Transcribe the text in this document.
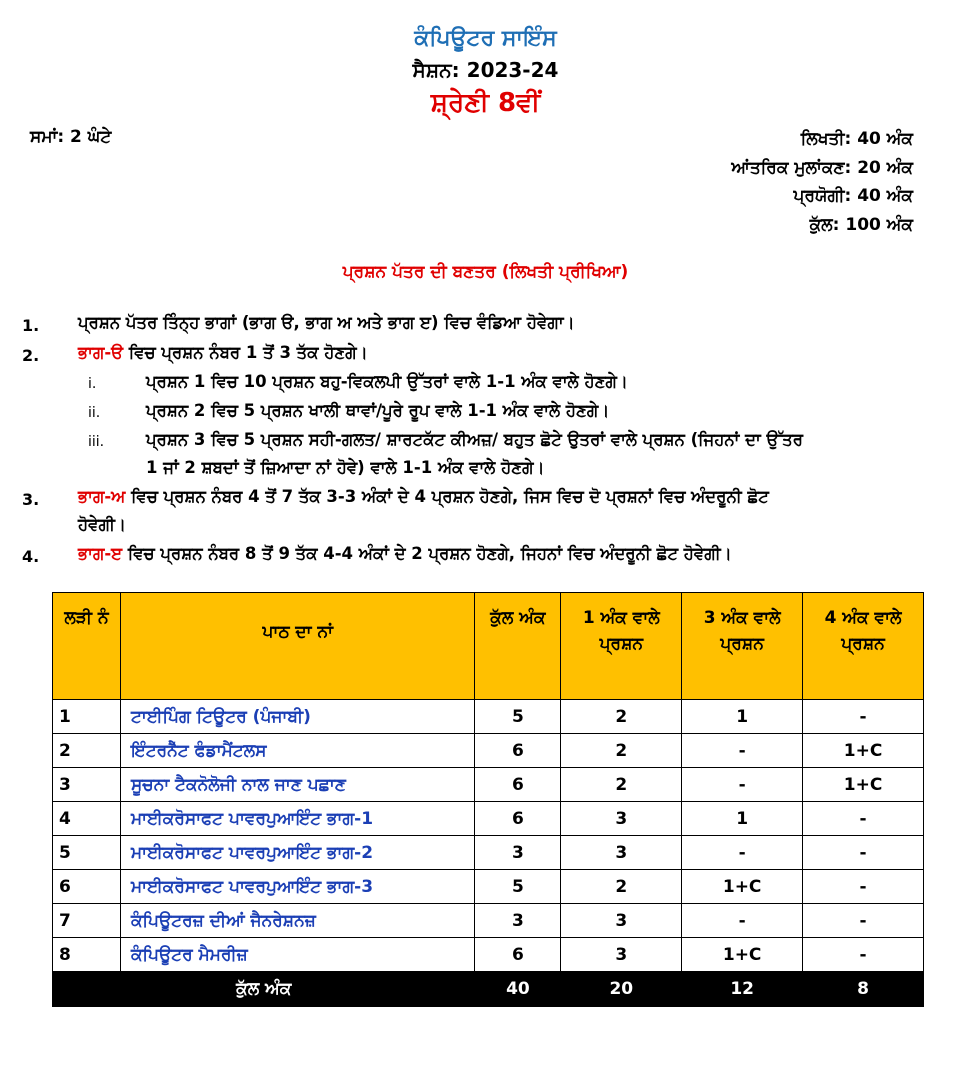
ਕੰਪਿਊਟਰ ਸਾਇੰਸ
ਸੈਸ਼ਨ: 2023-24
ਸ਼੍ਰੇਣੀ 8ਵੀਂ
ਸਮਾਂ: 2 ਘੰਟੇ	ਲਿਖਤੀ: 40 ਅੰਕ
ਆਂਤਰਿਕ ਮੁਲਾਂਕਣ: 20 ਅੰਕ
ਪ੍ਰਯੋਗੀ: 40 ਅੰਕ
ਕੁੱਲ: 100 ਅੰਕ
ਪ੍ਰਸ਼ਨ ਪੱਤਰ ਦੀ ਬਣਤਰ (ਲਿਖਤੀ ਪ੍ਰੀਖਿਆ)
1. ਪ੍ਰਸ਼ਨ ਪੱਤਰ ਤਿੰਨ੍ਹ ਭਾਗਾਂ (ਭਾਗ ੳ, ਭਾਗ ਅ ਅਤੇ ਭਾਗ ੲ) ਵਿਚ ਵੰਡਿਆ ਹੋਵੇਗਾ।
2. ਭਾਗ-ੳ ਵਿਚ ਪ੍ਰਸ਼ਨ ਨੰਬਰ 1 ਤੋਂ 3 ਤੱਕ ਹੋਣਗੇ।
i.	ਪ੍ਰਸ਼ਨ 1 ਵਿਚ 10 ਪ੍ਰਸ਼ਨ ਬਹੁ-ਵਿਕਲਪੀ ਉੱਤਰਾਂ ਵਾਲੇ 1-1 ਅੰਕ ਵਾਲੇ ਹੋਣਗੇ।
ii.	ਪ੍ਰਸ਼ਨ 2 ਵਿਚ 5 ਪ੍ਰਸ਼ਨ ਖਾਲੀ ਥਾਵਾਂ/ਪੂਰੇ ਰੂਪ ਵਾਲੇ 1-1 ਅੰਕ ਵਾਲੇ ਹੋਣਗੇ।
iii.	ਪ੍ਰਸ਼ਨ 3 ਵਿਚ 5 ਪ੍ਰਸ਼ਨ ਸਹੀ-ਗਲਤ/ ਸ਼ਾਰਟਕੱਟ ਕੀਅਜ਼/ ਬਹੁਤ ਛੋਟੇ ਉਤਰਾਂ ਵਾਲੇ ਪ੍ਰਸ਼ਨ (ਜਿਹਨਾਂ ਦਾ ਉੱਤਰ
1 ਜਾਂ 2 ਸ਼ਬਦਾਂ ਤੋਂ ਜ਼ਿਆਦਾ ਨਾਂ ਹੋਵੇ) ਵਾਲੇ 1-1 ਅੰਕ ਵਾਲੇ ਹੋਣਗੇ।
3. ਭਾਗ-ਅ ਵਿਚ ਪ੍ਰਸ਼ਨ ਨੰਬਰ 4 ਤੋਂ 7 ਤੱਕ 3-3 ਅੰਕਾਂ ਦੇ 4 ਪ੍ਰਸ਼ਨ ਹੋਣਗੇ, ਜਿਸ ਵਿਚ ਦੋ ਪ੍ਰਸ਼ਨਾਂ ਵਿਚ ਅੰਦਰੂਨੀ ਛੋਟ
ਹੋਵੇਗੀ।
4. ਭਾਗ-ੲ ਵਿਚ ਪ੍ਰਸ਼ਨ ਨੰਬਰ 8 ਤੋਂ 9 ਤੱਕ 4-4 ਅੰਕਾਂ ਦੇ 2 ਪ੍ਰਸ਼ਨ ਹੋਣਗੇ, ਜਿਹਨਾਂ ਵਿਚ ਅੰਦਰੂਨੀ ਛੋਟ ਹੋਵੇਗੀ।
ਲੜੀ ਨੰ	ਪਾਠ ਦਾ ਨਾਂ	ਕੁੱਲ ਅੰਕ	1 ਅੰਕ ਵਾਲੇ ਪ੍ਰਸ਼ਨ	3 ਅੰਕ ਵਾਲੇ ਪ੍ਰਸ਼ਨ	4 ਅੰਕ ਵਾਲੇ ਪ੍ਰਸ਼ਨ
1	ਟਾਈਪਿੰਗ ਟਿਊਟਰ (ਪੰਜਾਬੀ)	5	2	1	-
2	ਇੰਟਰਨੈੱਟ ਫੰਡਾਮੈਂਟਲਸ	6	2	-	1+C
3	ਸੂਚਨਾ ਟੈਕਨੋਲੋਜੀ ਨਾਲ ਜਾਣ ਪਛਾਣ	6	2	-	1+C
4	ਮਾਈਕਰੋਸਾਫਟ ਪਾਵਰਪੁਆਇੰਟ ਭਾਗ-1	6	3	1	-
5	ਮਾਈਕਰੋਸਾਫਟ ਪਾਵਰਪੁਆਇੰਟ ਭਾਗ-2	3	3	-	-
6	ਮਾਈਕਰੋਸਾਫਟ ਪਾਵਰਪੁਆਇੰਟ ਭਾਗ-3	5	2	1+C	-
7	ਕੰਪਿਊਟਰਜ਼ ਦੀਆਂ ਜੈਨਰੇਸ਼ਨਜ਼	3	3	-	-
8	ਕੰਪਿਊਟਰ ਮੈਮਰੀਜ਼	6	3	1+C	-
ਕੁੱਲ ਅੰਕ		40	20	12	8
